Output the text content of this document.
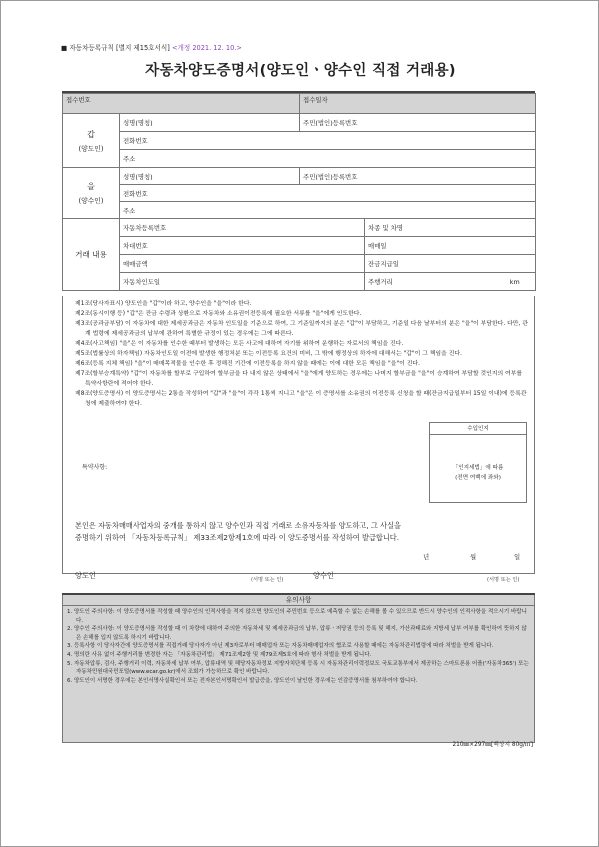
■ 자동차등록규칙 [별지 제15호서식] <개정 2021. 12. 10.>
자동차양도증명서(양도인ㆍ양수인 직접 거래용)
접수번호		접수일자	

갑
(양도인)	성명(명칭)	주민(법인)등록번호	
	전화번호		
	주소		

을
(양수인)	성명(명칭)	주민(법인)등록번호	
	전화번호		
	주소		
거래 내용	자동차등록번호		차종 및 차명
	차대번호		매매일
	매매금액		잔금지급일
	자동차인도일		주행거리 km
제1조(당사자표시) 양도인을 "갑"이라 하고, 양수인을 "을"이라 한다.
제2조(동시이행 등) "갑"은 잔금 수령과 상환으로 자동차와 소유권이전등록에 필요한 서류를 "을"에게 인도한다.
제3조(공과금부담) 이 자동차에 대한 제세공과금은 자동차 인도일을 기준으로 하여, 그 기준일까지의 분은 "갑"이 부담하고, 기준일 다음 날부터의 분은 "을"이 부담한다. 다만, 관계 법령에 제세공과금의 납부에 관하여 특별한 규정이 있는 경우에는 그에 따른다.
제4조(사고책임) "을"은 이 자동차를 인수한 때부터 발생하는 모든 사고에 대하여 자기를 위하여 운행하는 자로서의 책임을 진다.
제5조(법률상의 하자책임) 자동차인도일 이전에 발생한 행정처분 또는 이전등록 요건의 미비, 그 밖에 행정상의 하자에 대해서는 "갑"이 그 책임을 진다.
제6조(등록 지체 책임) "을"이 매매목적물을 인수한 후 정해진 기간에 이전등록을 하지 않을 때에는 이에 대한 모든 책임을 "을"이 진다.
제7조(할부승계특약) "갑"이 자동차를 할부로 구입하여 할부금을 다 내지 않은 상태에서 "을"에게 양도하는 경우에는 나머지 할부금을 "을"이 승계하여 부담할 것인지의 여부를 특약사항란에 적어야 한다.
제8조(양도증명서) 이 양도증명서는 2통을 작성하여 "갑"과 "을"이 각각 1통씩 지니고 "을"은 이 증명서를 소유권의 이전등록 신청을 할 때(잔금지급일부터 15일 이내)에 등록관청에 제출하여야 한다.
특약사항:
수입인지
「인지세법」에 따름
(전면 여백에 좌와)
본인은 자동차매매사업자의 중개를 통하지 않고 양수인과 직접 거래로 소유자동차를 양도하고, 그 사실을
증명하기 위하여 「자동차등록규칙」 제33조제2항제1호에 따라 이 양도증명서를 작성하여 발급합니다.
년	월	일
양도인	(서명 또는 인)	양수인	(서명 또는 인)
유의사항
1. 양도인 주의사항: 이 양도증명서를 작성할 때 양수인의 인적사항을 적지 않으면 양도인의 주민번호 등으로 예측할 수 없는 손해를 볼 수 있으므로 반드시 양수인의 인적사항을 적으시기 바랍니다.
2. 양수인 주의사항: 이 양도증명서를 작성할 때 이 차량에 대하여 주의한 자동차세 및 제세공과금의 납부, 압류ㆍ저당권 등의 등록 및 해지, 가산과태료와 지방세 납부 여부를 확인하여 뜻하지 않은 손해를 입지 않도록 하시기 바랍니다.
3. 등록사항 이 당사자간에 양도증명서를 직접거래 당사자가 아닌 제3자로부터 매매업자 또는 자동차매매업자의 협조로 사용할 때에는 자동차관리법령에 따라 처벌을 받게 됩니다.
4. 명의란 사유 없이 주행거리를 변경한 자는 「자동차관리법」 제71조제2항 및 제79조제5호에 따라 형사 처벌을 받게 됩니다.
5. 자동차압류, 검사, 주행거리 이력, 자동차세 납부 여부, 압류내역 및 해당자동차정보 지방자치단체 등록 시 자동차관리이력정보도 국토교통부에서 제공하는 스마트폰용 어플('자동차365') 또는 자동차민원대국민포털(www.ecar.go.kr)에서 조회가 가능하므로 확인 바랍니다.
6. 양도인이 서명한 경우에는 본인서명사실확인서 또는 전자본인서명확인서 발급증을, 양도인이 날인한 경우에는 인감증명서를 첨부하여야 합니다.
210㎜×297㎜[백상지 80g/㎡]
